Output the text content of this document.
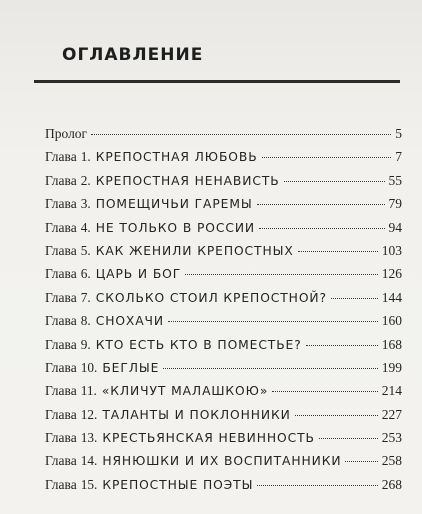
ОГЛАВЛЕНИЕ
Пролог	5
Глава 1. КРЕПОСТНАЯ ЛЮБОВЬ	7
Глава 2. КРЕПОСТНАЯ НЕНАВИСТЬ	55
Глава 3. ПОМЕЩИЧЬИ ГАРЕМЫ	79
Глава 4. НЕ ТОЛЬКО В РОССИИ	94
Глава 5. КАК ЖЕНИЛИ КРЕПОСТНЫХ	103
Глава 6. ЦАРЬ И БОГ	126
Глава 7. СКОЛЬКО СТОИЛ КРЕПОСТНОЙ?	144
Глава 8. СНОХАЧИ	160
Глава 9. КТО ЕСТЬ КТО В ПОМЕСТЬЕ?	168
Глава 10. БЕГЛЫЕ	199
Глава 11. «КЛИЧУТ МАЛАШКОЮ»	214
Глава 12. ТАЛАНТЫ И ПОКЛОННИКИ	227
Глава 13. КРЕСТЬЯНСКАЯ НЕВИННОСТЬ	253
Глава 14. НЯНЮШКИ И ИХ ВОСПИТАННИКИ	258
Глава 15. КРЕПОСТНЫЕ ПОЭТЫ	268
